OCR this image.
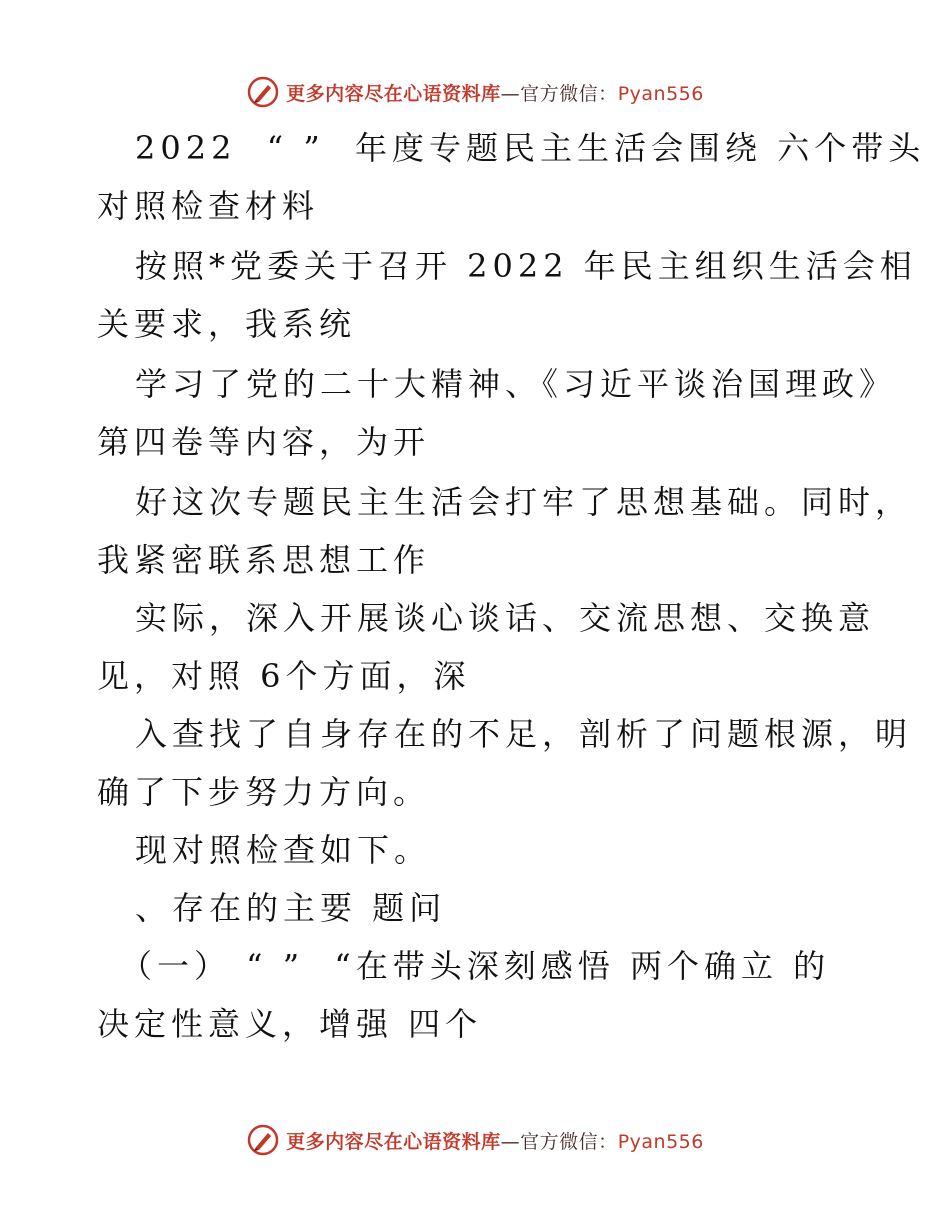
更多内容尽在心语资料库—官方微信：Pyan556
2022  “ ”  年度专题民主生活会围绕 六个带头
对照检查材料
按照*党委关于召开 2022 年民主组织生活会相
关要求，我系统
学习了党的二十大精神、《习近平谈治国理政》
第四卷等内容，为开
好这次专题民主生活会打牢了思想基础。同时，
我紧密联系思想工作
实际，深入开展谈心谈话、交流思想、交换意
见，对照 6个方面，深
入查找了自身存在的不足，剖析了问题根源，明
确了下步努力方向。
现对照检查如下。
、存在的主要 题问
（一） “ ”  “在带头深刻感悟 两个确立 的
决定性意义，增强 四个
更多内容尽在心语资料库—官方微信：Pyan556
